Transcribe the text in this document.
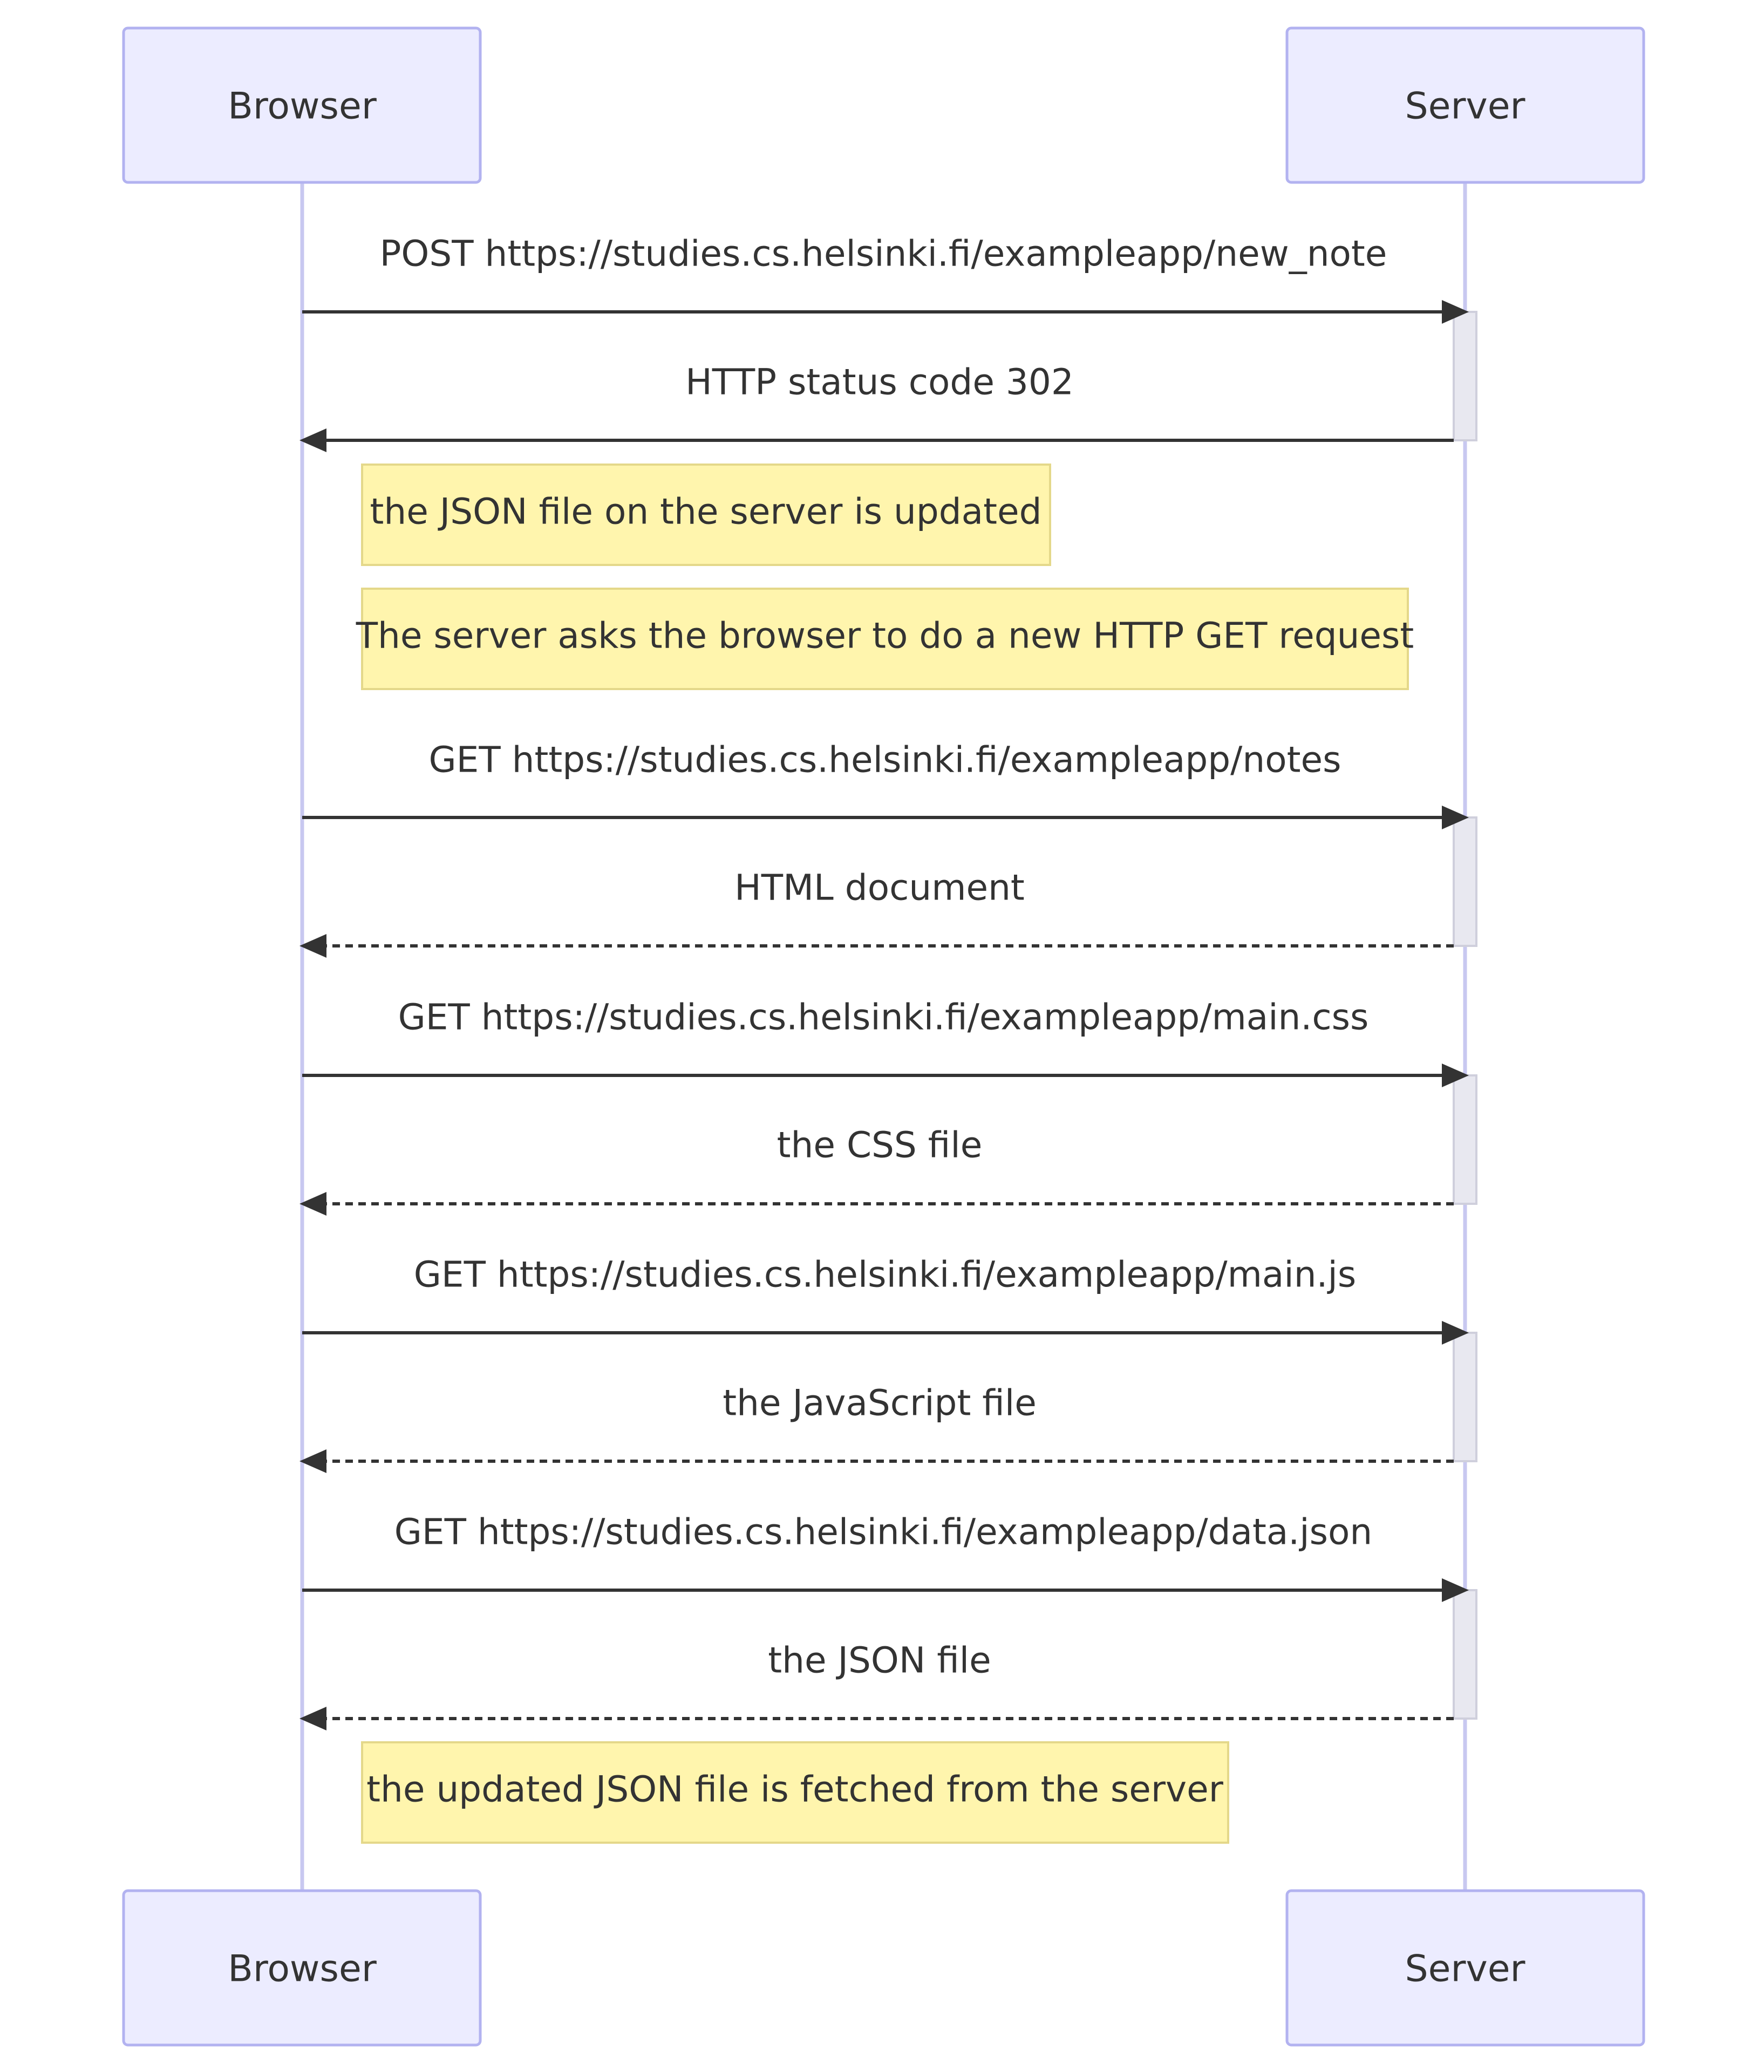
Browser	Server
POST https://studies.cs.helsinki.fi/exampleapp/new_note
HTTP status code 302
the JSON file on the server is updated
The server asks the browser to do a new HTTP GET request
GET https://studies.cs.helsinki.fi/exampleapp/notes
HTML document
GET https://studies.cs.helsinki.fi/exampleapp/main.css
the CSS file
GET https://studies.cs.helsinki.fi/exampleapp/main.js
the JavaScript file
GET https://studies.cs.helsinki.fi/exampleapp/data.json
the JSON file
the updated JSON file is fetched from the server
Browser	Server
